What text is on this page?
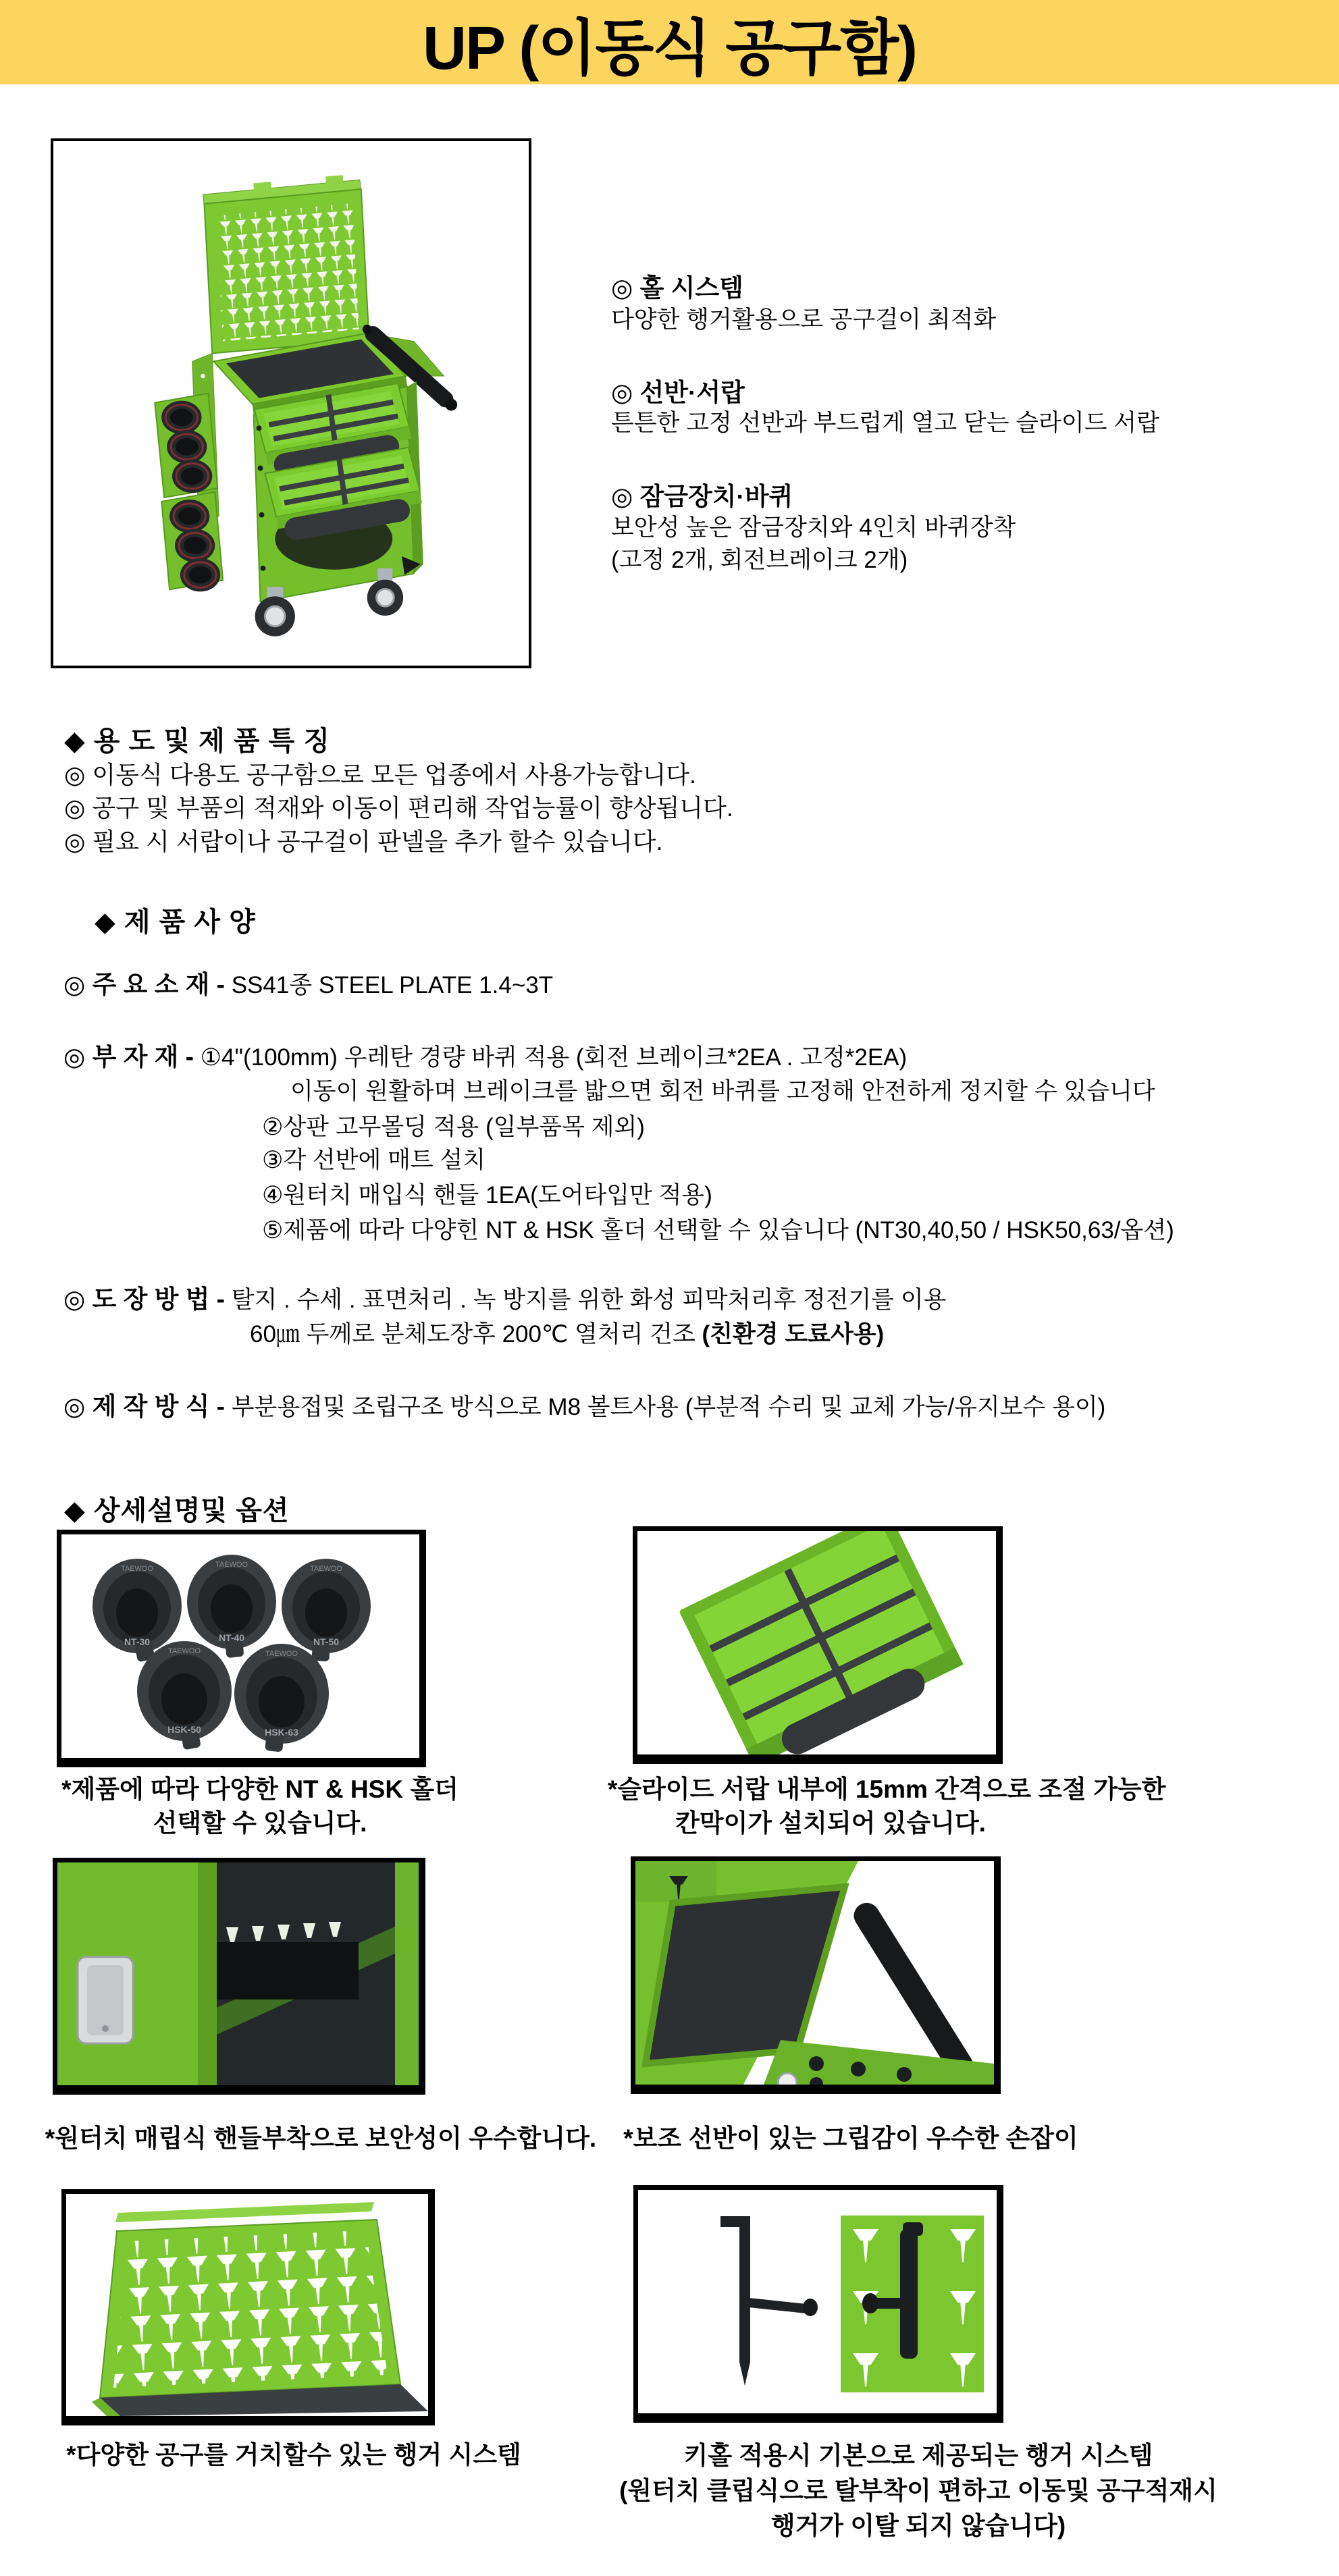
UP (이동식 공구함)
◎ 홀 시스템
다양한 행거활용으로 공구걸이 최적화
◎ 선반·서랍
튼튼한 고정 선반과 부드럽게 열고 닫는 슬라이드 서랍
◎ 잠금장치·바퀴
보안성 높은 잠금장치와 4인치 바퀴장착
(고정 2개, 회전브레이크 2개)
◆ 용 도 및 제 품 특 징
◎ 이동식 다용도 공구함으로 모든 업종에서 사용가능합니다.
◎ 공구 및 부품의 적재와 이동이 편리해 작업능률이 향상됩니다.
◎ 필요 시 서랍이나 공구걸이 판넬을 추가 할수 있습니다.
◆ 제 품 사 양
◎ 주 요 소 재 - SS41종 STEEL PLATE 1.4~3T
◎ 부 자 재 - ①4"(100mm) 우레탄 경량 바퀴 적용 (회전 브레이크*2EA . 고정*2EA)
이동이 원활하며 브레이크를 밟으면 회전 바퀴를 고정해 안전하게 정지할 수 있습니다
②상판 고무몰딩 적용 (일부품목 제외)
③각 선반에 매트 설치
④원터치 매입식 핸들 1EA(도어타입만 적용)
⑤제품에 따라 다양힌 NT & HSK 홀더 선택할 수 있습니다 (NT30,40,50 / HSK50,63/옵션)
◎ 도 장 방 법 - 탈지 . 수세 . 표면처리 . 녹 방지를 위한 화성 피막처리후 정전기를 이용
60㎛ 두께로 분체도장후 200℃ 열처리 건조 (친환경 도료사용)
◎ 제 작 방 식 - 부분용접및 조립구조 방식으로 M8 볼트사용 (부분적 수리 및 교체 가능/유지보수 용이)
◆ 상세설명및 옵션
TAEWOO
NT-30
TAEWOO
NT-40
TAEWOO
NT-50
TAEWOO
HSK-50
TAEWOO
HSK-63
*제품에 따라 다양한 NT & HSK 홀더
선택할 수 있습니다.
*슬라이드 서랍 내부에 15mm 간격으로 조절 가능한
칸막이가 설치되어 있습니다.
*원터치 매립식 핸들부착으로 보안성이 우수합니다.	*보조 선반이 있는 그립감이 우수한 손잡이
*다양한 공구를 거치할수 있는 행거 시스템	키홀 적용시 기본으로 제공되는 행거 시스템
(원터치 클립식으로 탈부착이 편하고 이동및 공구적재시
행거가 이탈 되지 않습니다)
